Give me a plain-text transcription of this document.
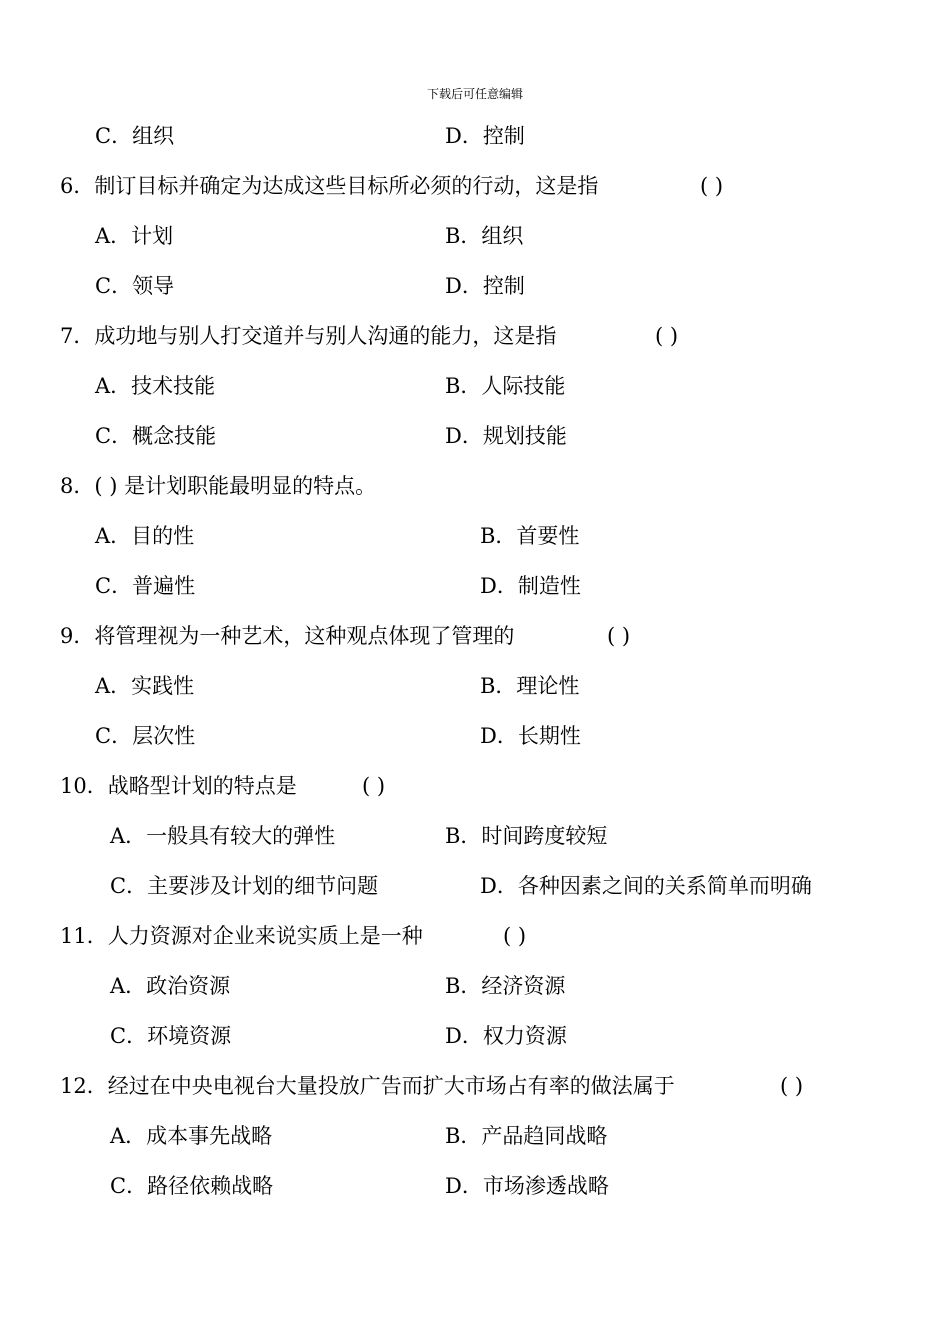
下载后可任意编辑
C．组织	D．控制
6．制订目标并确定为达成这些目标所必须的行动，这是指	( )
A．计划	B．组织
C．领导	D．控制
7．成功地与别人打交道并与别人沟通的能力，这是指	( )
A．技术技能	B．人际技能
C．概念技能	D．规划技能
8．( ) 是计划职能最明显的特点。
A．目的性	B．首要性
C．普遍性	D．制造性
9．将管理视为一种艺术，这种观点体现了管理的	( )
A．实践性	B．理论性
C．层次性	D．长期性
10．战略型计划的特点是	( )
A．一般具有较大的弹性	B．时间跨度较短
C．主要涉及计划的细节问题	D．各种因素之间的关系简单而明确
11．人力资源对企业来说实质上是一种	( )
A．政治资源	B．经济资源
C．环境资源	D．权力资源
12．经过在中央电视台大量投放广告而扩大市场占有率的做法属于	( )
A．成本事先战略	B．产品趋同战略
C．路径依赖战略	D．市场渗透战略
